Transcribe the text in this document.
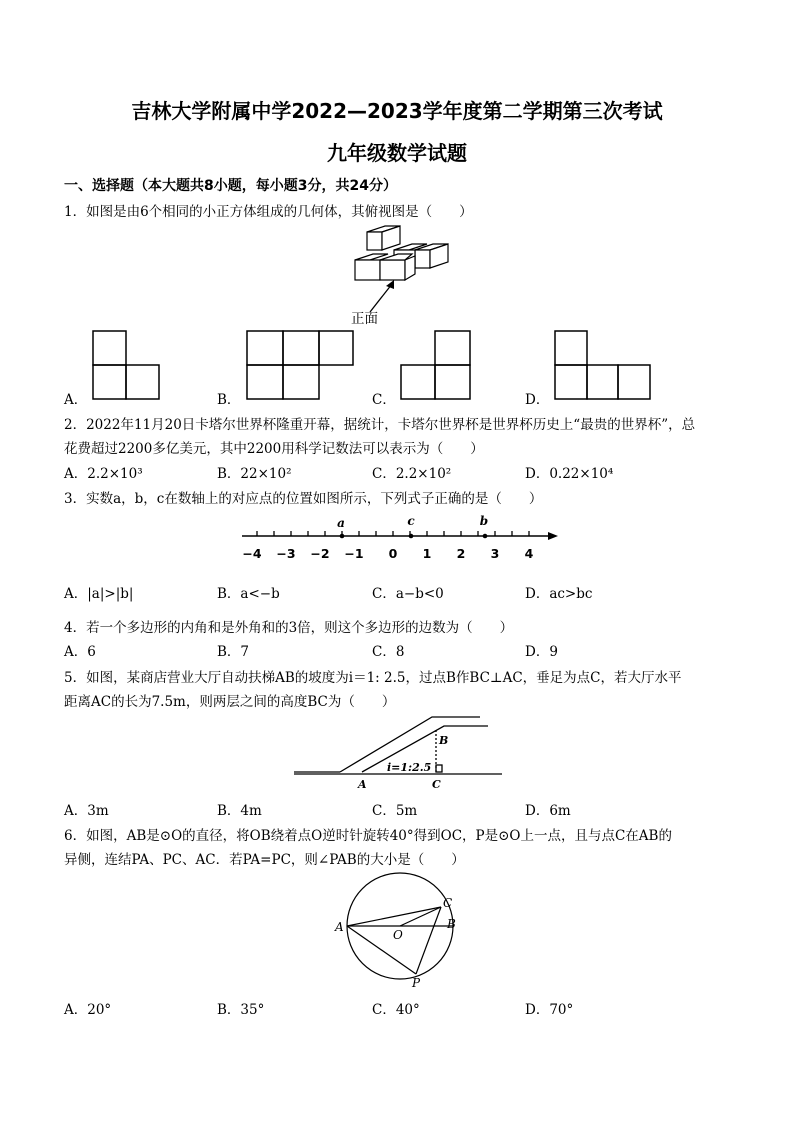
吉林大学附属中学2022—2023学年度第二学期第三次考试
九年级数学试题
一、选择题（本大题共8小题，每小题3分，共24分）
1．如图是由6个相同的小正方体组成的几何体，其俯视图是（　　）
正面
A．	B．	C．	D．
2．2022年11月20日卡塔尔世界杯隆重开幕，据统计，卡塔尔世界杯是世界杯历史上“最贵的世界杯”，总
花费超过2200多亿美元，其中2200用科学记数法可以表示为（　　）
A．2.2×10³	B．22×10²	C．2.2×10²	D．0.22×10⁴
3．实数a，b，c在数轴上的对应点的位置如图所示，下列式子正确的是（　　）
a	c	b
−4 −3 −2 −1 0 1 2 3 4
A．|a|>|b|	B．a<−b	C．a−b<0	D．ac>bc
4．若一个多边形的内角和是外角和的3倍，则这个多边形的边数为（　　）
A．6	B．7	C．8	D．9
5．如图，某商店营业大厅自动扶梯AB的坡度为i＝1: 2.5，过点B作BC⊥AC，垂足为点C，若大厅水平
距离AC的长为7.5m，则两层之间的高度BC为（　　）
B
i=1:2.5
A	C
A．3m	B．4m	C．5m	D．6m
6．如图，AB是⊙O的直径，将OB绕着点O逆时针旋转40°得到OC，P是⊙O上一点，且与点C在AB的
异侧，连结PA、PC、AC．若PA=PC，则∠PAB的大小是（　　）
A
C
B
O
P
A．20°	B．35°	C．40°	D．70°
